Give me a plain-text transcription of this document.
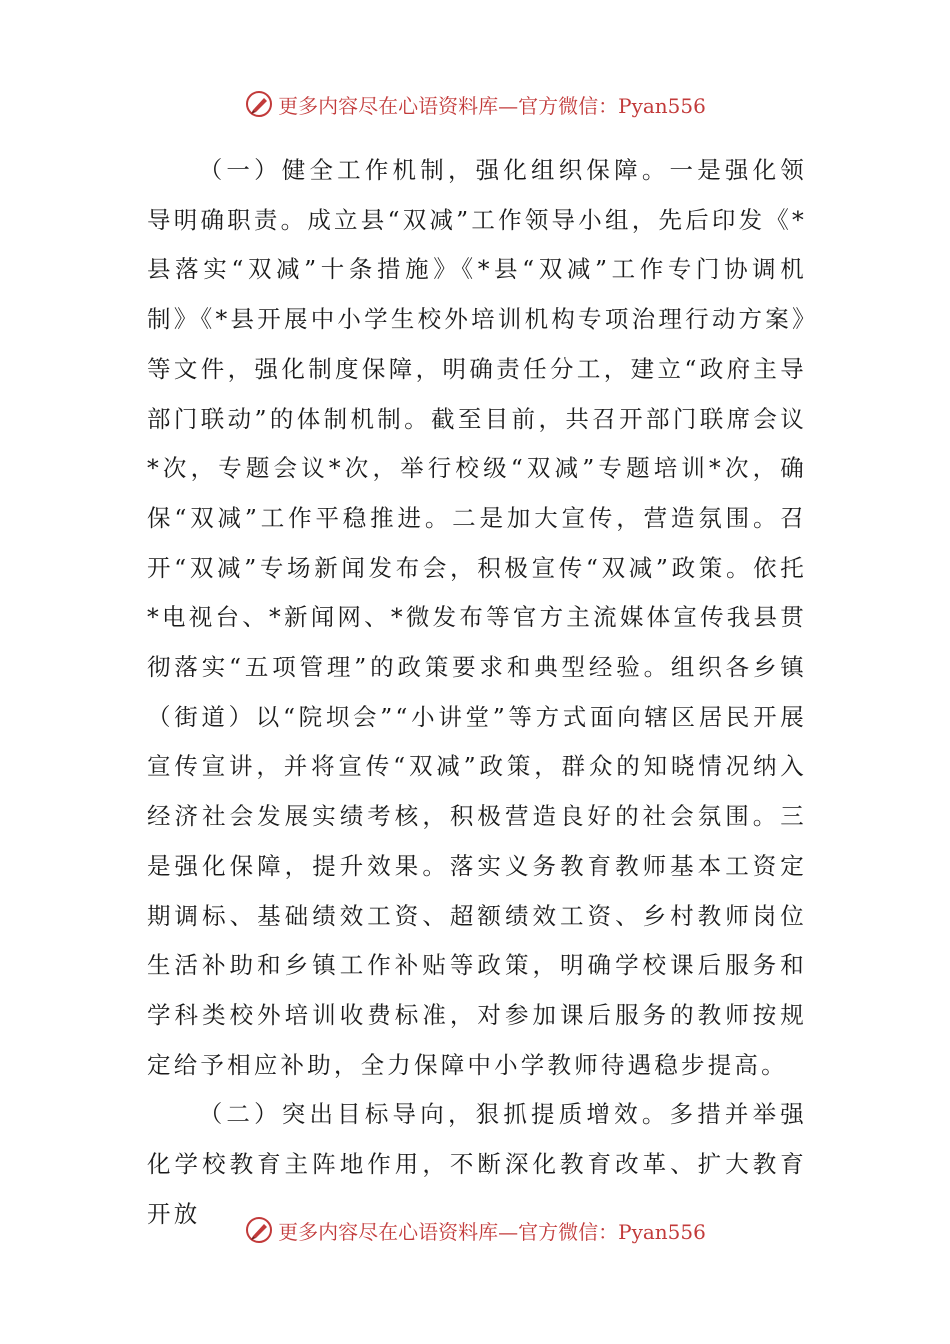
更多内容尽在心语资料库—官方微信：Pyan556

（一）健全工作机制，强化组织保障。一是强化领导明确职责。成立县“双减”工作领导小组，先后印发《*县落实“双减”十条措施》《*县“双减”工作专门协调机制》《*县开展中小学生校外培训机构专项治理行动方案》等文件，强化制度保障，明确责任分工，建立“政府主导部门联动”的体制机制。截至目前，共召开部门联席会议*次，专题会议*次，举行校级“双减”专题培训*次，确保“双减”工作平稳推进。二是加大宣传，营造氛围。召开“双减”专场新闻发布会，积极宣传“双减”政策。依托*电视台、*新闻网、*微发布等官方主流媒体宣传我县贯彻落实“五项管理”的政策要求和典型经验。组织各乡镇（街道）以“院坝会”“小讲堂”等方式面向辖区居民开展宣传宣讲，并将宣传“双减”政策，群众的知晓情况纳入经济社会发展实绩考核，积极营造良好的社会氛围。三是强化保障，提升效果。落实义务教育教师基本工资定期调标、基础绩效工资、超额绩效工资、乡村教师岗位生活补助和乡镇工作补贴等政策，明确学校课后服务和学科类校外培训收费标准，对参加课后服务的教师按规定给予相应补助，全力保障中小学教师待遇稳步提高。

（二）突出目标导向，狠抓提质增效。多措并举强化学校教育主阵地作用，不断深化教育改革、扩大教育开放

更多内容尽在心语资料库—官方微信：Pyan556
